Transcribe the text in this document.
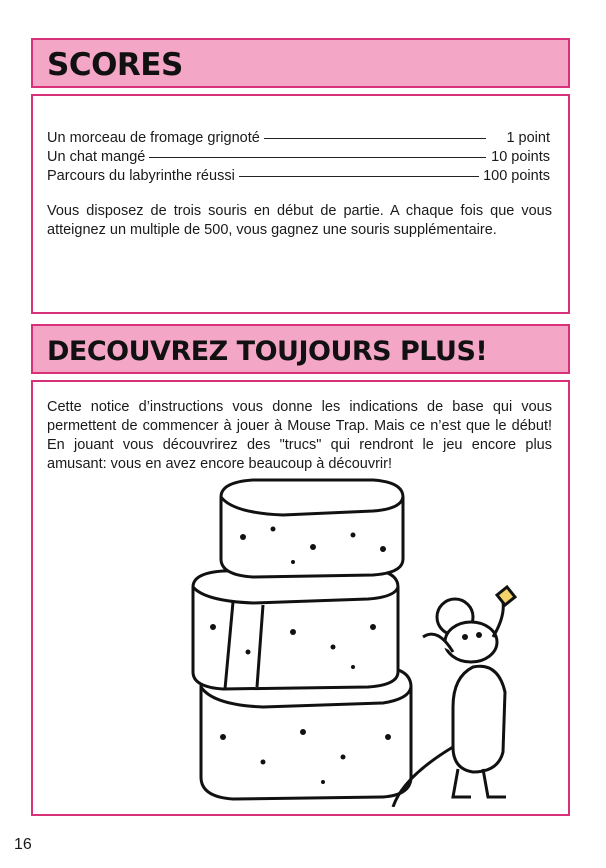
SCORES
Un morceau de fromage grignoté	1 point
Un chat mangé	10 points
Parcours du labyrinthe réussi	100 points

Vous disposez de trois souris en début de partie. A chaque fois que vous atteignez un multiple de 500, vous gagnez une souris supplémentaire.

DECOUVREZ TOUJOURS PLUS!

Cette notice d’instructions vous donne les indications de base qui vous permettent de commencer à jouer à Mouse Trap. Mais ce n’est que le début! En jouant vous découvrirez des "trucs" qui rendront le jeu encore plus amusant: vous en avez encore beaucoup à découvrir!

16
